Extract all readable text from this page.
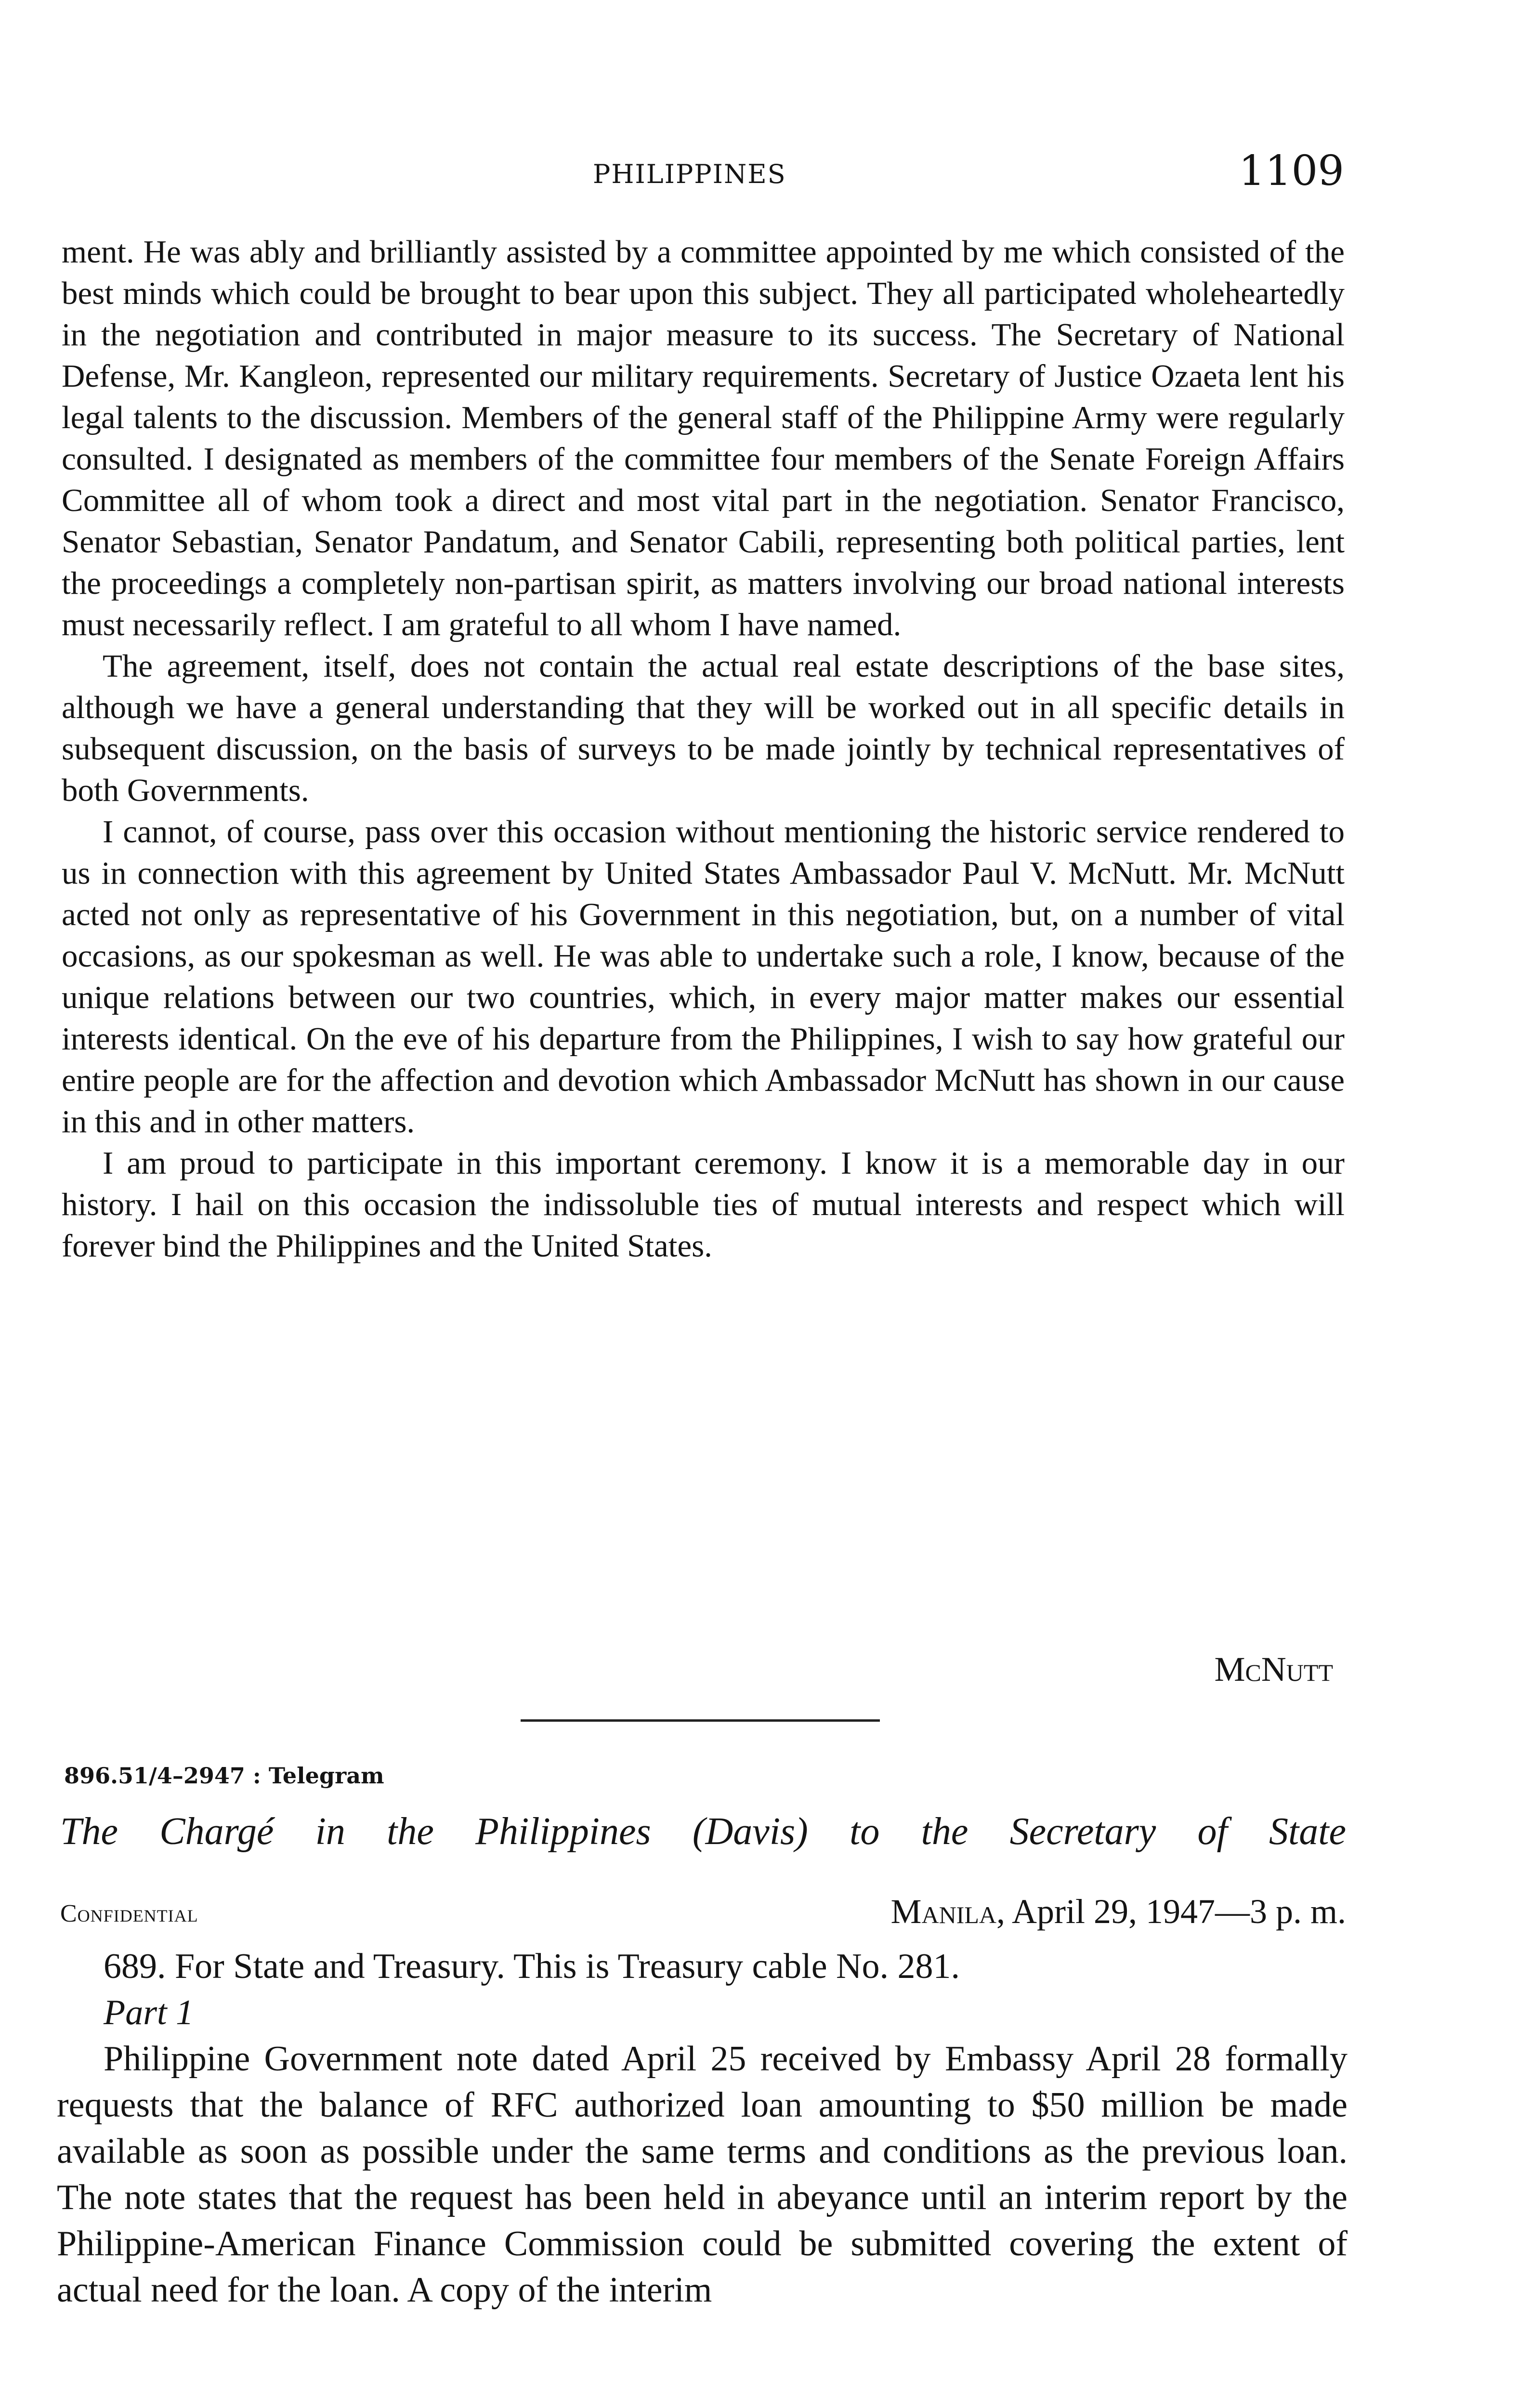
PHILIPPINES	1109

ment. He was ably and brilliantly assisted by a committee appointed by me which consisted of the best minds which could be brought to bear upon this subject. They all participated wholeheartedly in the negotiation and contributed in major measure to its success. The Secretary of National Defense, Mr. Kangleon, represented our military requirements. Secretary of Justice Ozaeta lent his legal talents to the discussion. Members of the general staff of the Philippine Army were regularly consulted. I designated as members of the committee four members of the Senate Foreign Affairs Committee all of whom took a direct and most vital part in the negotiation. Senator Francisco, Senator Sebastian, Senator Pandatum, and Senator Cabili, representing both political parties, lent the proceedings a completely non-partisan spirit, as matters involving our broad national interests must necessarily reflect. I am grateful to all whom I have named.

The agreement, itself, does not contain the actual real estate descriptions of the base sites, although we have a general understanding that they will be worked out in all specific details in subsequent discussion, on the basis of surveys to be made jointly by technical representatives of both Governments.

I cannot, of course, pass over this occasion without mentioning the historic service rendered to us in connection with this agreement by United States Ambassador Paul V. McNutt. Mr. McNutt acted not only as representative of his Government in this negotiation, but, on a number of vital occasions, as our spokesman as well. He was able to undertake such a role, I know, because of the unique relations between our two countries, which, in every major matter makes our essential interests identical. On the eve of his departure from the Philippines, I wish to say how grateful our entire people are for the affection and devotion which Ambassador McNutt has shown in our cause in this and in other matters.

I am proud to participate in this important ceremony. I know it is a memorable day in our history. I hail on this occasion the indissoluble ties of mutual interests and respect which will forever bind the Philippines and the United States.

McNutt
896.51/4–2947 : Telegram
The Chargé in the Philippines (Davis) to the Secretary of State
Confidential	Manila, April 29, 1947—3 p. m.

689. For State and Treasury. This is Treasury cable No. 281.

Part 1

Philippine Government note dated April 25 received by Embassy April 28 formally requests that the balance of RFC authorized loan amounting to $50 million be made available as soon as possible under the same terms and conditions as the previous loan. The note states that the request has been held in abeyance until an interim report by the Philippine-American Finance Commission could be submitted covering the extent of actual need for the loan. A copy of the interim
